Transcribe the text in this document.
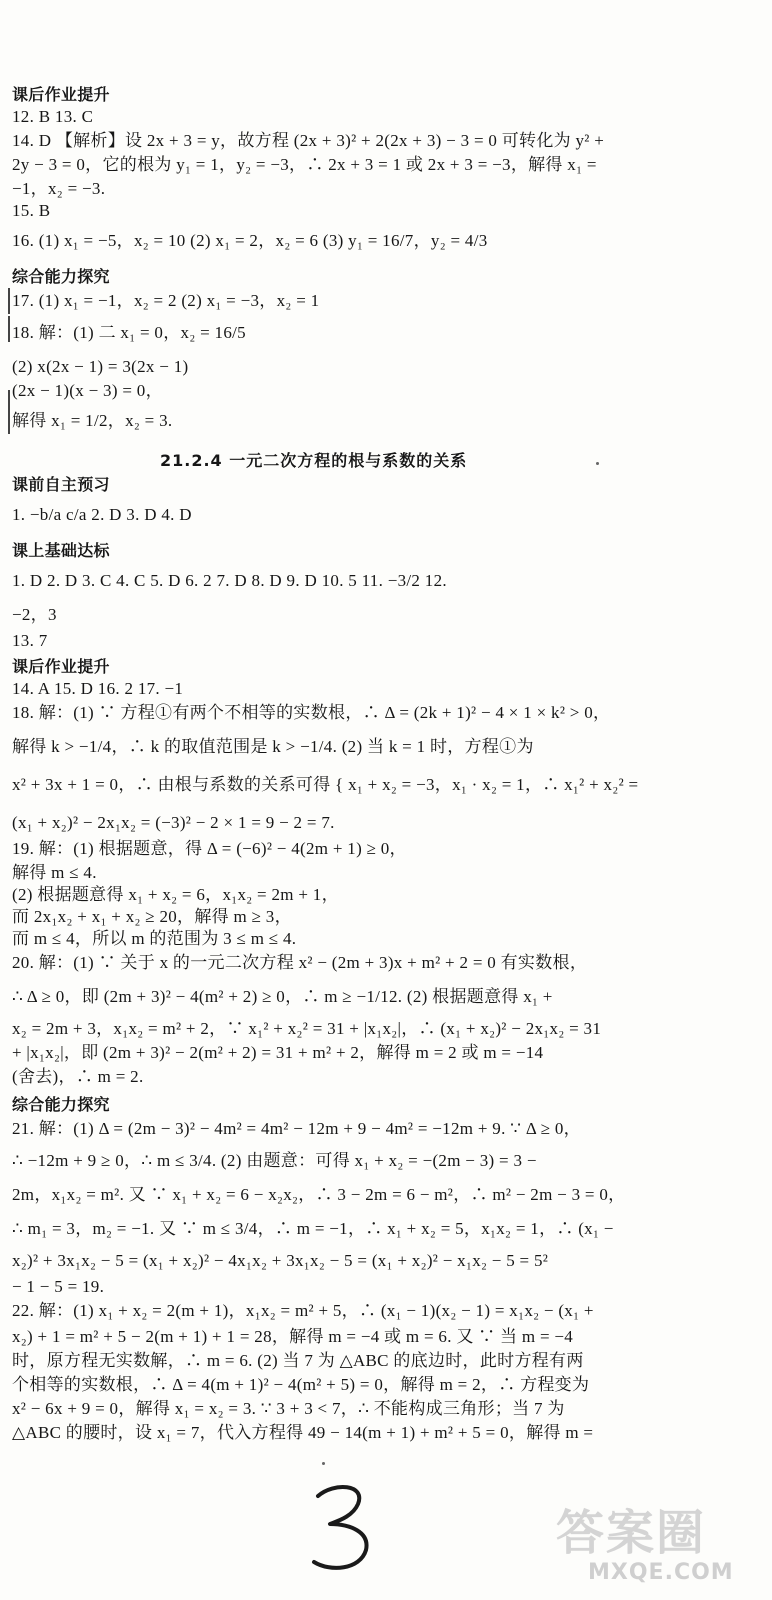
课后作业提升
12. B 13. C
14. D 【解析】设 2x + 3 = y，故方程 (2x + 3)² + 2(2x + 3) − 3 = 0 可转化为 y² +
2y − 3 = 0，它的根为 y₁ = 1，y₂ = −3，∴ 2x + 3 = 1 或 2x + 3 = −3，解得 x₁ =
−1，x₂ = −3.
15. B
16. (1) x₁ = −5，x₂ = 10 (2) x₁ = 2，x₂ = 6 (3) y₁ = 16/7，y₂ = 4/3
综合能力探究
17. (1) x₁ = −1，x₂ = 2 (2) x₁ = −3，x₂ = 1
18. 解：(1) 二 x₁ = 0，x₂ = 16/5
(2) x(2x − 1) = 3(2x − 1)
(2x − 1)(x − 3) = 0，
解得 x₁ = 1/2，x₂ = 3.
21.2.4 一元二次方程的根与系数的关系
课前自主预习
1. −b/a c/a 2. D 3. D 4. D
课上基础达标
1. D 2. D 3. C 4. C 5. D 6. 2 7. D 8. D 9. D 10. 5 11. −3/2 12.
−2，3
13. 7
课后作业提升
14. A 15. D 16. 2 17. −1
18. 解：(1) ∵ 方程①有两个不相等的实数根，∴ Δ = (2k + 1)² − 4 × 1 × k² > 0，
解得 k > −1/4，∴ k 的取值范围是 k > −1/4. (2) 当 k = 1 时，方程①为
x² + 3x + 1 = 0，∴ 由根与系数的关系可得 { x₁ + x₂ = −3，x₁ · x₂ = 1，∴ x₁² + x₂² =
(x₁ + x₂)² − 2x₁x₂ = (−3)² − 2 × 1 = 9 − 2 = 7.
19. 解：(1) 根据题意，得 Δ = (−6)² − 4(2m + 1) ≥ 0，
解得 m ≤ 4.
(2) 根据题意得 x₁ + x₂ = 6，x₁x₂ = 2m + 1，
而 2x₁x₂ + x₁ + x₂ ≥ 20，解得 m ≥ 3，
而 m ≤ 4，所以 m 的范围为 3 ≤ m ≤ 4.
20. 解：(1) ∵ 关于 x 的一元二次方程 x² − (2m + 3)x + m² + 2 = 0 有实数根，
∴ Δ ≥ 0，即 (2m + 3)² − 4(m² + 2) ≥ 0，∴ m ≥ −1/12. (2) 根据题意得 x₁ +
x₂ = 2m + 3，x₁x₂ = m² + 2，∵ x₁² + x₂² = 31 + |x₁x₂|，∴ (x₁ + x₂)² − 2x₁x₂ = 31
+ |x₁x₂|，即 (2m + 3)² − 2(m² + 2) = 31 + m² + 2，解得 m = 2 或 m = −14
(舍去)，∴ m = 2.
综合能力探究
21. 解：(1) Δ = (2m − 3)² − 4m² = 4m² − 12m + 9 − 4m² = −12m + 9. ∵ Δ ≥ 0，
∴ −12m + 9 ≥ 0，∴ m ≤ 3/4. (2) 由题意：可得 x₁ + x₂ = −(2m − 3) = 3 −
2m，x₁x₂ = m². 又 ∵ x₁ + x₂ = 6 − x₂x₂，∴ 3 − 2m = 6 − m²，∴ m² − 2m − 3 = 0，
∴ m₁ = 3，m₂ = −1. 又 ∵ m ≤ 3/4，∴ m = −1，∴ x₁ + x₂ = 5，x₁x₂ = 1，∴ (x₁ −
x₂)² + 3x₁x₂ − 5 = (x₁ + x₂)² − 4x₁x₂ + 3x₁x₂ − 5 = (x₁ + x₂)² − x₁x₂ − 5 = 5²
− 1 − 5 = 19.
22. 解：(1) x₁ + x₂ = 2(m + 1)，x₁x₂ = m² + 5，∴ (x₁ − 1)(x₂ − 1) = x₁x₂ − (x₁ +
x₂) + 1 = m² + 5 − 2(m + 1) + 1 = 28，解得 m = −4 或 m = 6. 又 ∵ 当 m = −4
时，原方程无实数解，∴ m = 6. (2) 当 7 为 △ABC 的底边时，此时方程有两
个相等的实数根，∴ Δ = 4(m + 1)² − 4(m² + 5) = 0，解得 m = 2，∴ 方程变为
x² − 6x + 9 = 0，解得 x₁ = x₂ = 3. ∵ 3 + 3 < 7，∴ 不能构成三角形；当 7 为
△ABC 的腰时，设 x₁ = 7，代入方程得 49 − 14(m + 1) + m² + 5 = 0，解得 m =
答案圈
MXQE.COM
